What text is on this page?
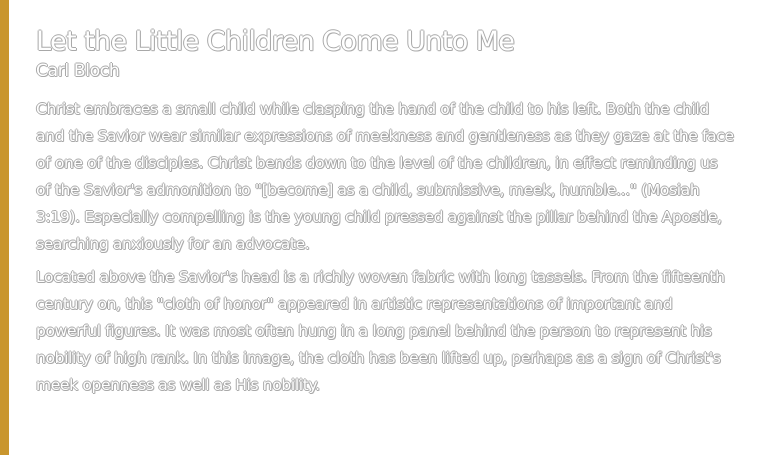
Let the Little Children Come Unto Me
Carl Bloch

Christ embraces a small child while clasping the hand of the child to his left. Both the child and the Savior wear similar expressions of meekness and gentleness as they gaze at the face of one of the disciples. Christ bends down to the level of the children, in effect reminding us of the Savior's admonition to "[become] as a child, submissive, meek, humble..." (Mosiah 3:19). Especially compelling is the young child pressed against the pillar behind the Apostle, searching anxiously for an advocate.

Located above the Savior's head is a richly woven fabric with long tassels. From the fifteenth century on, this "cloth of honor" appeared in artistic representations of important and powerful figures. It was most often hung in a long panel behind the person to represent his nobility of high rank. In this image, the cloth has been lifted up, perhaps as a sign of Christ's meek openness as well as His nobility.
